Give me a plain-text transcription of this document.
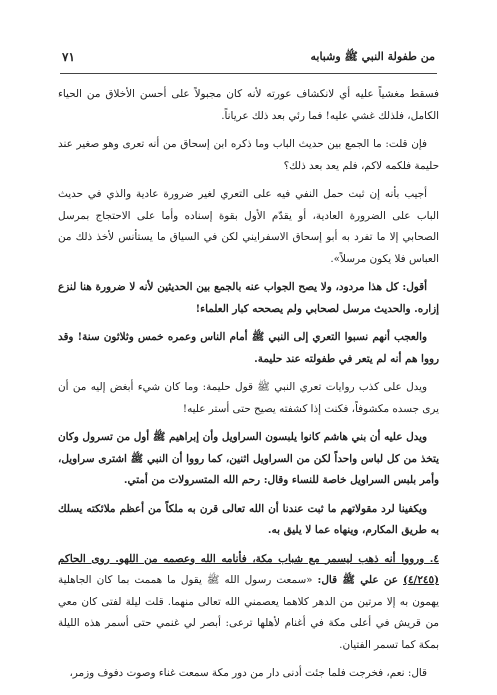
من طفولة النبي ﷺ وشبابه
٧١

فسقط مغشياً عليه أي لانكشاف عورته لأنه كان مجبولاً على أحسن الأخلاق من الحياء الكامل، فلذلك غشي عليه! فما رئي بعد ذلك عرياناً.

فإن قلت: ما الجمع بين حديث الباب وما ذكره ابن إسحاق من أنه تعرى وهو صغير عند حليمة فلكمه لاكم، فلم يعد بعد ذلك؟

أجيب بأنه إن ثبت حمل النفي فيه على التعري لغير ضرورة عادية والذي في حديث الباب على الضرورة العادية، أو يقدّم الأول بقوة إسناده وأما على الاحتجاج بمرسل الصحابي إلا ما تفرد به أبو إسحاق الاسفرايني لكن في السياق ما يستأنس لأخذ ذلك من العباس فلا يكون مرسلاً».

أقول: كل هذا مردود، ولا يصح الجواب عنه بالجمع بين الحديثين لأنه لا ضرورة هنا لنزع إزاره. والحديث مرسل لصحابي ولم يصححه كبار العلماء!

والعجب أنهم نسبوا التعري إلى النبي ﷺ أمام الناس وعمره خمس وثلاثون سنة! وقد رووا هم أنه لم يتعر في طفولته عند حليمة.

ويدل على كذب روايات تعري النبي ﷺ قول حليمة: وما كان شيء أبغض إليه من أن يرى جسده مكشوفاً، فكنت إذا كشفته يصيح حتى أستر عليه!

ويدل عليه أن بني هاشم كانوا يلبسون السراويل وأن إبراهيم ﷺ أول من تسرول وكان يتخذ من كل لباس واحداً لكن من السراويل اثنين، كما رووا أن النبي ﷺ اشترى سراويل، وأمر بلبس السراويل خاصة للنساء وقال: رحم الله المتسرولات من أمتي.

ويكفينا لرد مقولاتهم ما ثبت عندنا أن الله تعالى قرن به ملكاً من أعظم ملائكته يسلك به طريق المكارم، وينهاه عما لا يليق به.

٤. ورووا أنه ذهب ليسمر مع شباب مكة، فأنامه الله وعصمه من اللهو. روى الحاكم (٤/٢٤٥) عن علي ﷺ قال: «سمعت رسول الله ﷺ يقول ما هممت بما كان الجاهلية يهمون به إلا مرتين من الدهر كلاهما يعصمني الله تعالى منهما. قلت ليلة لفتى كان معي من قريش في أعلى مكة في أغنام لأهلها ترعى: أبصر لي غنمي حتى أسمر هذه الليلة بمكة كما تسمر الفتيان.

قال: نعم، فخرجت فلما جئت أدنى دار من دور مكة سمعت غناء وصوت دفوف وزمر،
